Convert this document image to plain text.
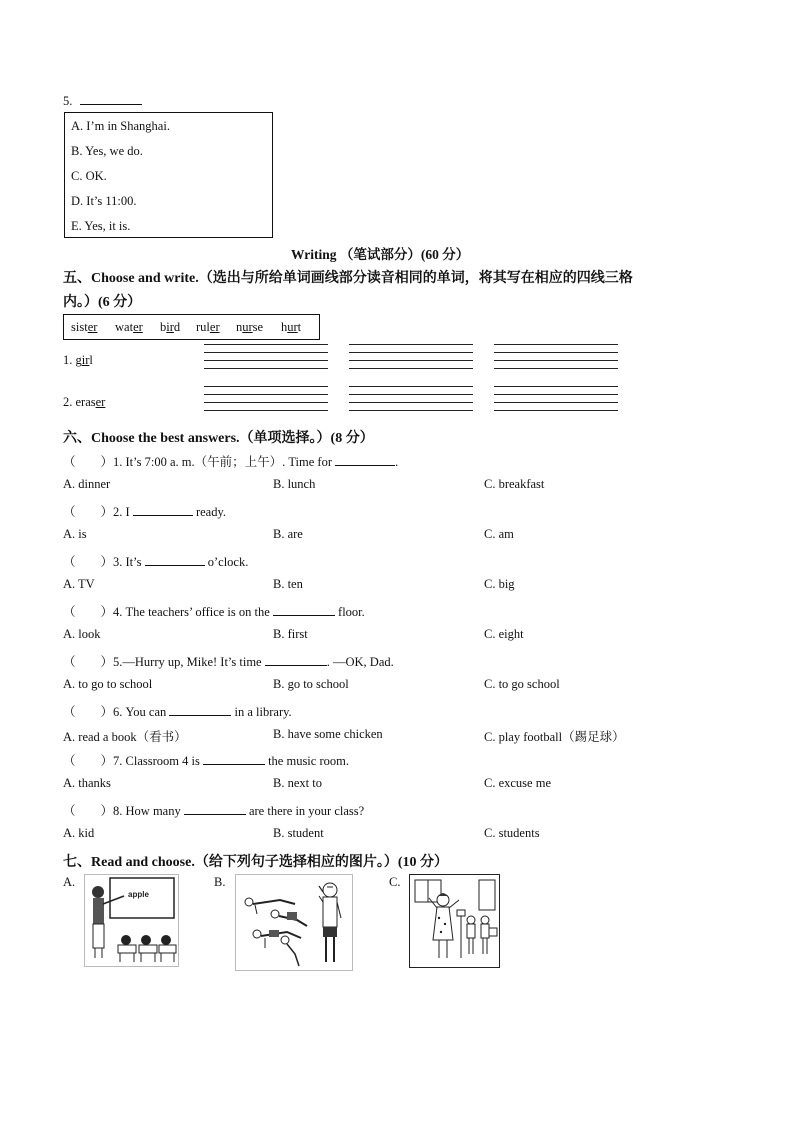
5.
A. I’m in Shanghai.
B. Yes, we do.
C. OK.
D. It’s 11:00.
E. Yes, it is.
Writing （笔试部分）(60 分）
五、Choose and write.（选出与所给单词画线部分读音相同的单词，将其写在相应的四线三格
内。）(6 分）
sister water bird ruler nurse hurt
1. girl
2. eraser
六、Choose the best answers.（单项选择。）(8 分）
（　　）1. It’s 7:00 a. m.（午前；上午）. Time for	.
A. dinner	B. lunch	C. breakfast
（　　）2. I	ready.
A. is	B. are	C. am
（　　）3. It’s	o’clock.
A. TV	B. ten	C. big
（　　）4. The teachers’ office is on the	floor.
A. look	B. first	C. eight
（　　）5.—Hurry up, Mike! It’s time	. —OK, Dad.
A. to go to school	B. go to school	C. to go school
（　　）6. You can	in a library.
A. read a book（看书）	B. have some chicken	C. play football（踢足球）
（　　）7. Classroom 4 is	the music room.
A. thanks	B. next to	C. excuse me
（　　）8. How many	are there in your class?
A. kid	B. student	C. students
七、Read and choose.（给下列句子选择相应的图片。）(10 分）
A.	B.	C.
apple
